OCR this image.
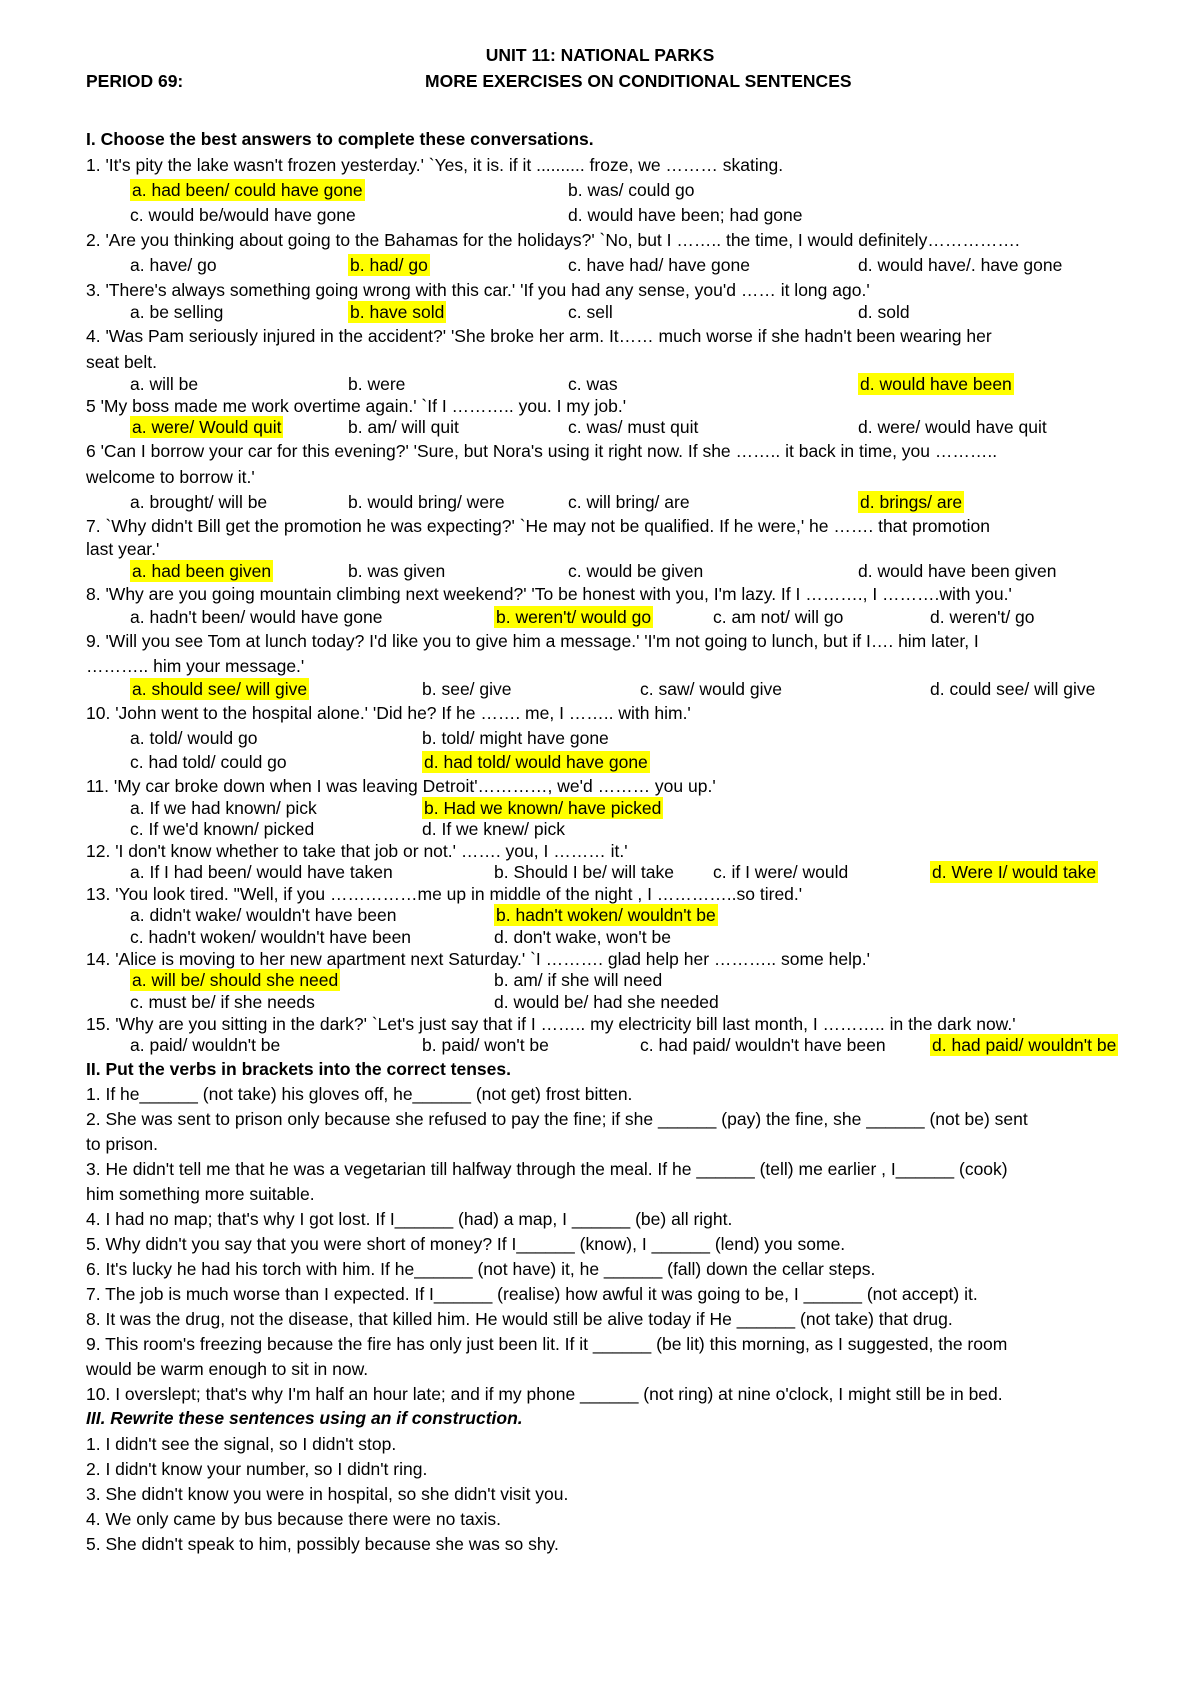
UNIT 11: NATIONAL PARKS
PERIOD 69:	MORE EXERCISES ON CONDITIONAL SENTENCES
I. Choose the best answers to complete these conversations.
1. 'It's pity the lake wasn't frozen yesterday.' `Yes, it is. if it .......... froze, we ……… skating.
a. had been/ could have gone	b. was/ could go
c. would be/would have gone	d. would have been; had gone
2. 'Are you thinking about going to the Bahamas for the holidays?' `No, but I …….. the time, I would definitely…………….
a. have/ go	b. had/ go	c. have had/ have gone	d. would have/. have gone
3. 'There's always something going wrong with this car.' 'If you had any sense, you'd …… it long ago.'
a. be selling	b. have sold	c. sell	d. sold
4. 'Was Pam seriously injured in the accident?' 'She broke her arm. It…… much worse if she hadn't been wearing her
seat belt.
a. will be	b. were	c. was	d. would have been
5 'My boss made me work overtime again.' `If I ……….. you. I my job.'
a. were/ Would quit	b. am/ will quit	c. was/ must quit	d. were/ would have quit
6 'Can I borrow your car for this evening?' 'Sure, but Nora's using it right now. If she …….. it back in time, you ………..
welcome to borrow it.'
a. brought/ will be	b. would bring/ were	c. will bring/ are	d. brings/ are
7. `Why didn't Bill get the promotion he was expecting?' `He may not be qualified. If he were,' he ……. that promotion
last year.'
a. had been given	b. was given	c. would be given	d. would have been given
8. 'Why are you going mountain climbing next weekend?' 'To be honest with you, I'm lazy. If I ………., I ……….with you.'
a. hadn't been/ would have gone	b. weren't/ would go	c. am not/ will go	d. weren't/ go
9. 'Will you see Tom at lunch today? I'd like you to give him a message.' 'I'm not going to lunch, but if I…. him later, I
……….. him your message.'
a. should see/ will give	b. see/ give	c. saw/ would give	d. could see/ will give
10. 'John went to the hospital alone.' 'Did he? If he ……. me, I …….. with him.'
a. told/ would go	b. told/ might have gone
c. had told/ could go	d. had told/ would have gone
11. 'My car broke down when I was leaving Detroit'…………, we'd ……… you up.'
a. If we had known/ pick	b. Had we known/ have picked
c. If we'd known/ picked	d. If we knew/ pick
12. 'I don't know whether to take that job or not.' ……. you, I ……… it.'
a. If I had been/ would have taken	b. Should I be/ will take c. if I were/ would	d. Were I/ would take
13. 'You look tired. "Well, if you ……………me up in middle of the night , I …………..so tired.'
a. didn't wake/ wouldn't have been	b. hadn't woken/ wouldn't be
c. hadn't woken/ wouldn't have been	d. don't wake, won't be
14. 'Alice is moving to her new apartment next Saturday.' `I ………. glad help her ……….. some help.'
a. will be/ should she need	b. am/ if she will need
c. must be/ if she needs	d. would be/ had she needed
15. 'Why are you sitting in the dark?' `Let's just say that if I …….. my electricity bill last month, I ……….. in the dark now.'
a. paid/ wouldn't be	b. paid/ won't be	c. had paid/ wouldn't have been	d. had paid/ wouldn't be
II. Put the verbs in brackets into the correct tenses.
1. If he______ (not take) his gloves off, he______ (not get) frost bitten.
2. She was sent to prison only because she refused to pay the fine; if she ______ (pay) the fine, she ______ (not be) sent
to prison.
3. He didn't tell me that he was a vegetarian till halfway through the meal. If he ______ (tell) me earlier , I______ (cook)
him something more suitable.
4. I had no map; that's why I got lost. If I______ (had) a map, I ______ (be) all right.
5. Why didn't you say that you were short of money? If I______ (know), I ______ (lend) you some.
6. It's lucky he had his torch with him. If he______ (not have) it, he ______ (fall) down the cellar steps.
7. The job is much worse than I expected. If I______ (realise) how awful it was going to be, I ______ (not accept) it.
8. It was the drug, not the disease, that killed him. He would still be alive today if He ______ (not take) that drug.
9. This room's freezing because the fire has only just been lit. If it ______ (be lit) this morning, as I suggested, the room
would be warm enough to sit in now.
10. I overslept; that's why I'm half an hour late; and if my phone ______ (not ring) at nine o'clock, I might still be in bed.
III. Rewrite these sentences using an if construction.
1. I didn't see the signal, so I didn't stop.
2. I didn't know your number, so I didn't ring.
3. She didn't know you were in hospital, so she didn't visit you.
4. We only came by bus because there were no taxis.
5. She didn't speak to him, possibly because she was so shy.
